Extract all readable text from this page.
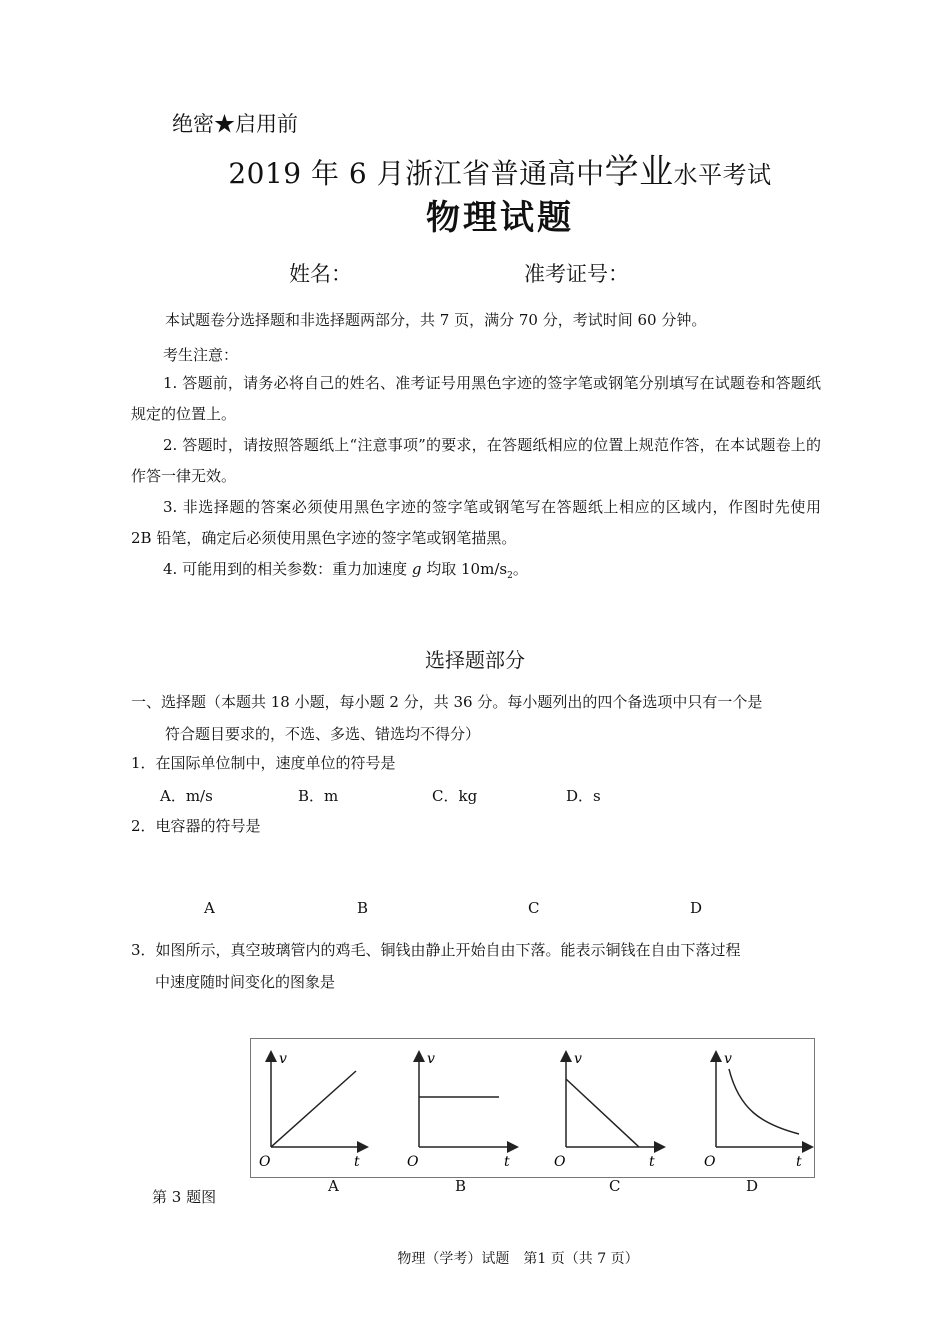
绝密★启用前
2019 年 6 月浙江省普通高中学业水平考试
物理试题
姓名：	准考证号：
本试题卷分选择题和非选择题两部分，共 7 页，满分 70 分，考试时间 60 分钟。
考生注意：
1. 答题前，请务必将自己的姓名、准考证号用黑色字迹的签字笔或钢笔分别填写在试题卷和答题纸规定的位置上。
2. 答题时，请按照答题纸上“注意事项”的要求，在答题纸相应的位置上规范作答，在本试题卷上的作答一律无效。
3. 非选择题的答案必须使用黑色字迹的签字笔或钢笔写在答题纸上相应的区域内，作图时先使用 2B 铅笔，确定后必须使用黑色字迹的签字笔或钢笔描黑。
4. 可能用到的相关参数：重力加速度 g 均取 $10m/s_2$。
选择题部分
一、选择题（本题共 18 小题，每小题 2 分，共 36 分。每小题列出的四个备选项中只有一个是
符合题目要求的，不选、多选、错选均不得分）
1．在国际单位制中，速度单位的符号是
A．m/s	B．m	C．kg	D．s
2．电容器的符号是
A	B	C	D
3．如图所示，真空玻璃管内的鸡毛、铜钱由静止开始自由下落。能表示铜钱在自由下落过程
中速度随时间变化的图象是
v
O	t
v
O	t
v
O	t
v
O	t
A	B	C	D
第 3 题图
物理（学考）试题　第1 页（共 7 页）
